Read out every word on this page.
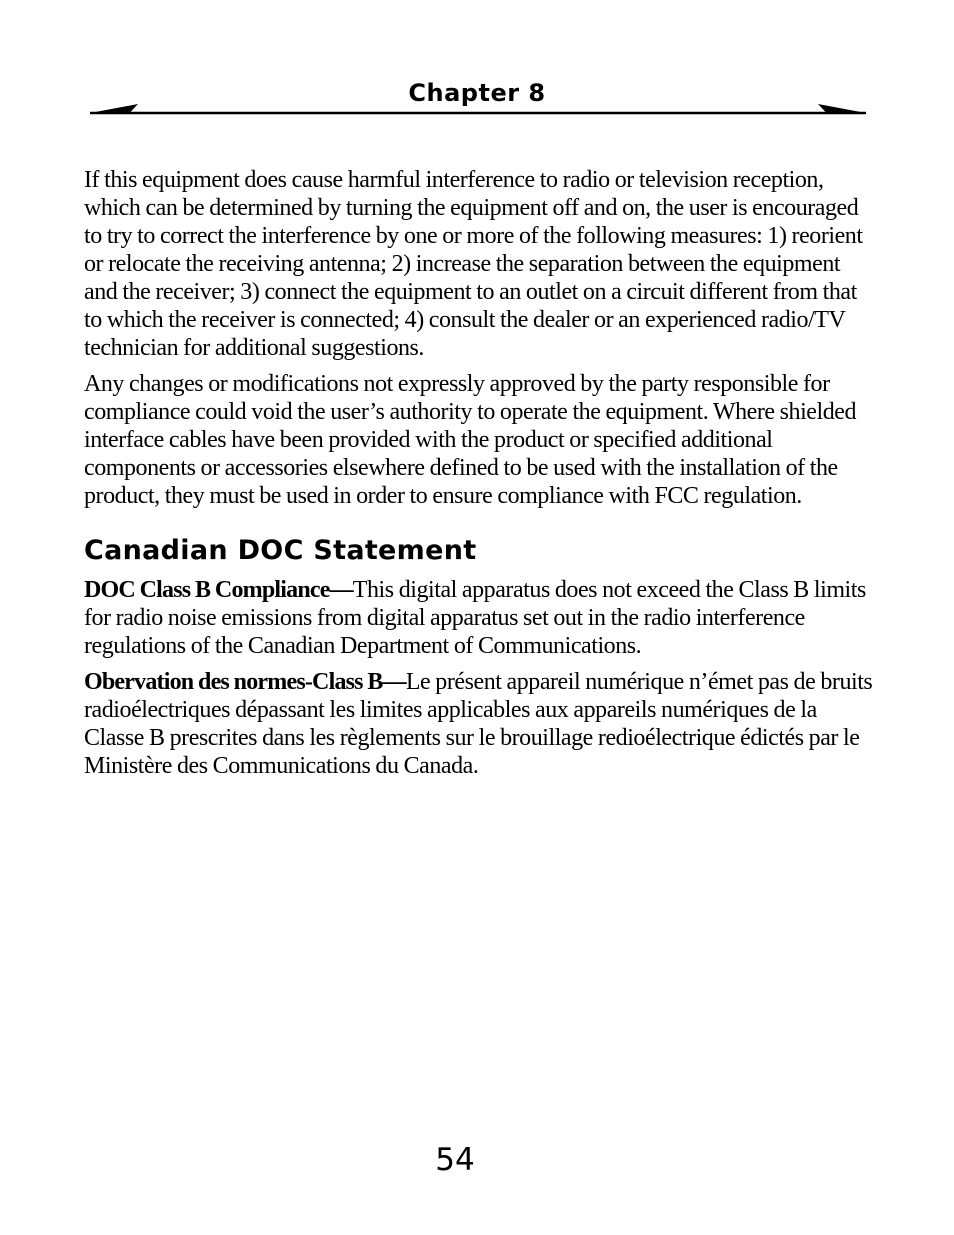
Chapter 8

If this equipment does cause harmful interference to radio or television reception, which can be determined by turning the equipment off and on, the user is encouraged to try to correct the interference by one or more of the following measures: 1) reorient or relocate the receiving antenna; 2) increase the separation between the equipment and the receiver; 3) connect the equipment to an outlet on a circuit different from that to which the receiver is connected; 4) consult the dealer or an experienced radio/TV technician for additional suggestions.

Any changes or modifications not expressly approved by the party responsible for compliance could void the user’s authority to operate the equipment. Where shielded interface cables have been provided with the product or specified additional components or accessories elsewhere defined to be used with the installation of the product, they must be used in order to ensure compliance with FCC regulation.

Canadian DOC Statement

DOC Class B Compliance—This digital apparatus does not exceed the Class B limits for radio noise emissions from digital apparatus set out in the radio interference regulations of the Canadian Department of Communications.

Obervation des normes-Class B—Le présent appareil numérique n’émet pas de bruits radioélectriques dépassant les limites applicables aux appareils numériques de la Classe B prescrites dans les règlements sur le brouillage redioélectrique édictés par le Ministère des Communications du Canada.

54
